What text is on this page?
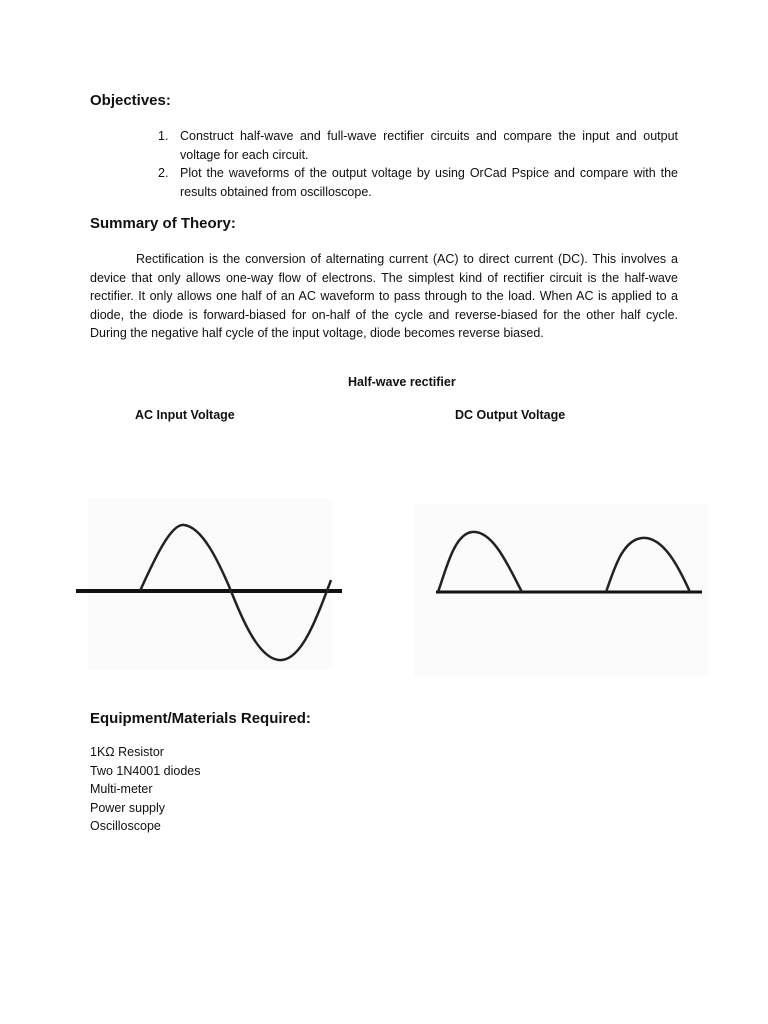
Objectives:
1. Construct half-wave and full-wave rectifier circuits and compare the input and output voltage for each circuit.
2. Plot the waveforms of the output voltage by using OrCad Pspice and compare with the results obtained from oscilloscope.
Summary of Theory:

Rectification is the conversion of alternating current (AC) to direct current (DC). This involves a device that only allows one-way flow of electrons. The simplest kind of rectifier circuit is the half-wave rectifier. It only allows one half of an AC waveform to pass through to the load. When AC is applied to a diode, the diode is forward-biased for on-half of the cycle and reverse-biased for the other half cycle. During the negative half cycle of the input voltage, diode becomes reverse biased.

Half-wave rectifier

AC Input Voltage	DC Output Voltage

Equipment/Materials Required:
1KΩ Resistor
Two 1N4001 diodes
Multi-meter
Power supply
Oscilloscope
